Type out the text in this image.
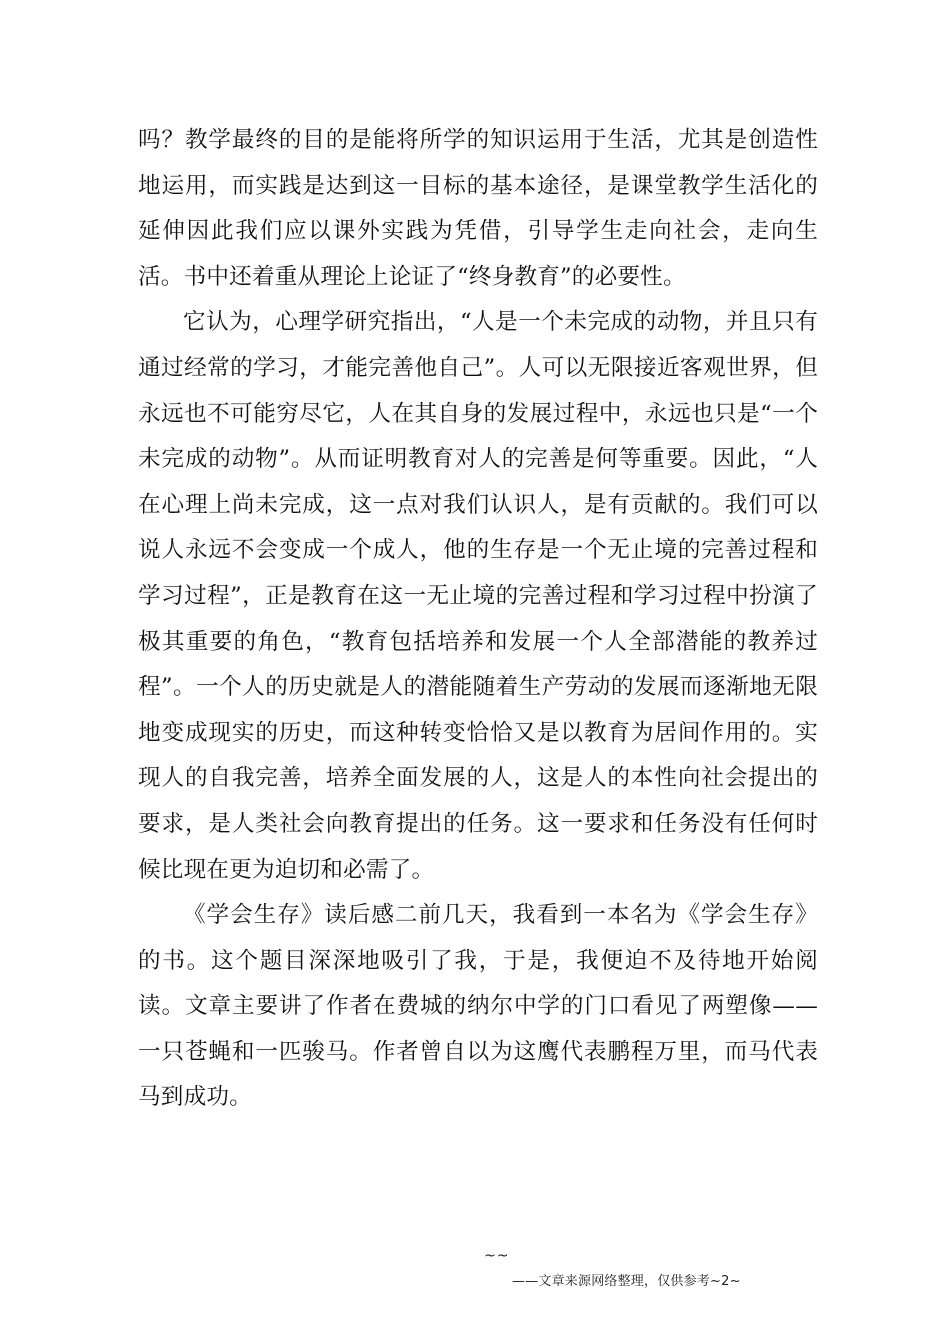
吗？教学最终的目的是能将所学的知识运用于生活，尤其是创造性地运用，而实践是达到这一目标的基本途径，是课堂教学生活化的延伸因此我们应以课外实践为凭借，引导学生走向社会，走向生活。书中还着重从理论上论证了“终身教育”的必要性。

它认为，心理学研究指出，“人是一个未完成的动物，并且只有通过经常的学习，才能完善他自己”。人可以无限接近客观世界，但永远也不可能穷尽它，人在其自身的发展过程中，永远也只是“一个未完成的动物”。从而证明教育对人的完善是何等重要。因此，“人在心理上尚未完成，这一点对我们认识人，是有贡献的。我们可以说人永远不会变成一个成人，他的生存是一个无止境的完善过程和学习过程”，正是教育在这一无止境的完善过程和学习过程中扮演了极其重要的角色，“教育包括培养和发展一个人全部潜能的教养过程”。一个人的历史就是人的潜能随着生产劳动的发展而逐渐地无限地变成现实的历史，而这种转变恰恰又是以教育为居间作用的。实现人的自我完善，培养全面发展的人，这是人的本性向社会提出的要求，是人类社会向教育提出的任务。这一要求和任务没有任何时候比现在更为迫切和必需了。

《学会生存》读后感二前几天，我看到一本名为《学会生存》的书。这个题目深深地吸引了我，于是，我便迫不及待地开始阅读。文章主要讲了作者在费城的纳尔中学的门口看见了两塑像——一只苍蝇和一匹骏马。作者曾自以为这鹰代表鹏程万里，而马代表马到成功。

~~
——文章来源网络整理，仅供参考~2~
